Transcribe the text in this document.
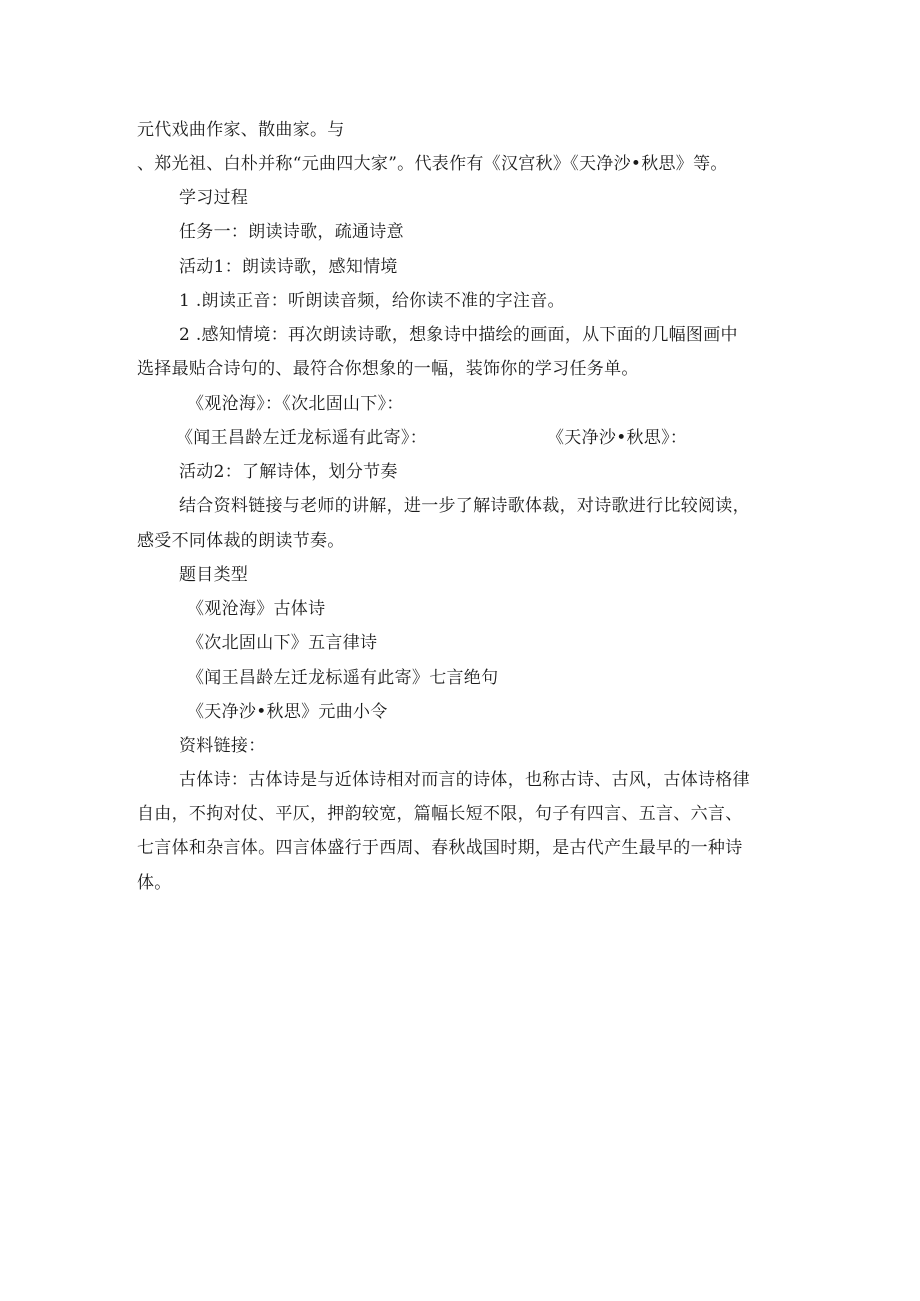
元代戏曲作家、散曲家。与
、郑光祖、白朴并称“元曲四大家”。代表作有《汉宫秋》《天净沙•秋思》等。
学习过程
任务一：朗读诗歌，疏通诗意
活动1：朗读诗歌，感知情境
1 .朗读正音：听朗读音频，给你读不准的字注音。
2 .感知情境：再次朗读诗歌，想象诗中描绘的画面，从下面的几幅图画中
选择最贴合诗句的、最符合你想象的一幅，装饰你的学习任务单。
《观沧海》：《次北固山下》：
《闻王昌龄左迁龙标遥有此寄》：	《天净沙•秋思》：
活动2：了解诗体，划分节奏
结合资料链接与老师的讲解，进一步了解诗歌体裁，对诗歌进行比较阅读，
感受不同体裁的朗读节奏。
题目类型
《观沧海》古体诗
《次北固山下》五言律诗
《闻王昌龄左迁龙标遥有此寄》七言绝句
《天净沙•秋思》元曲小令
资料链接：
古体诗：古体诗是与近体诗相对而言的诗体，也称古诗、古风，古体诗格律
自由，不拘对仗、平仄，押韵较宽，篇幅长短不限，句子有四言、五言、六言、
七言体和杂言体。四言体盛行于西周、春秋战国时期，是古代产生最早的一种诗
体。
